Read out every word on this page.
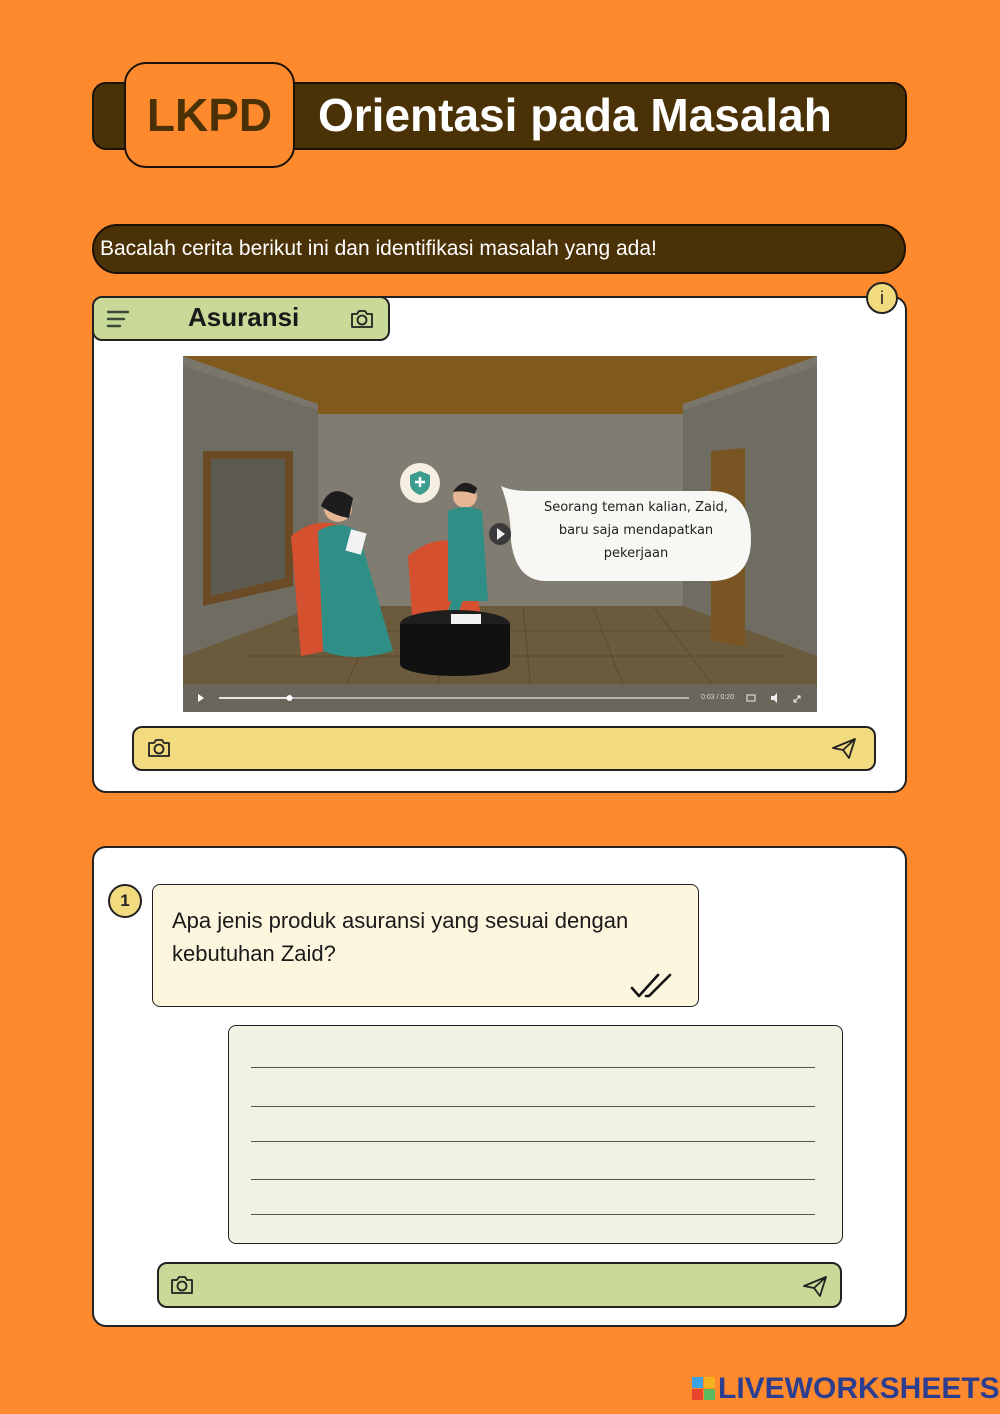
LKPD Orientasi pada Masalah
Bacalah cerita berikut ini dan identifikasi masalah yang ada!
Asuransi
i
Seorang teman kalian, Zaid,
baru saja mendapatkan
pekerjaan
0:03 / 0:20
1
Apa jenis produk asuransi yang sesuai dengan kebutuhan Zaid?
LIVEWORKSHEETS
